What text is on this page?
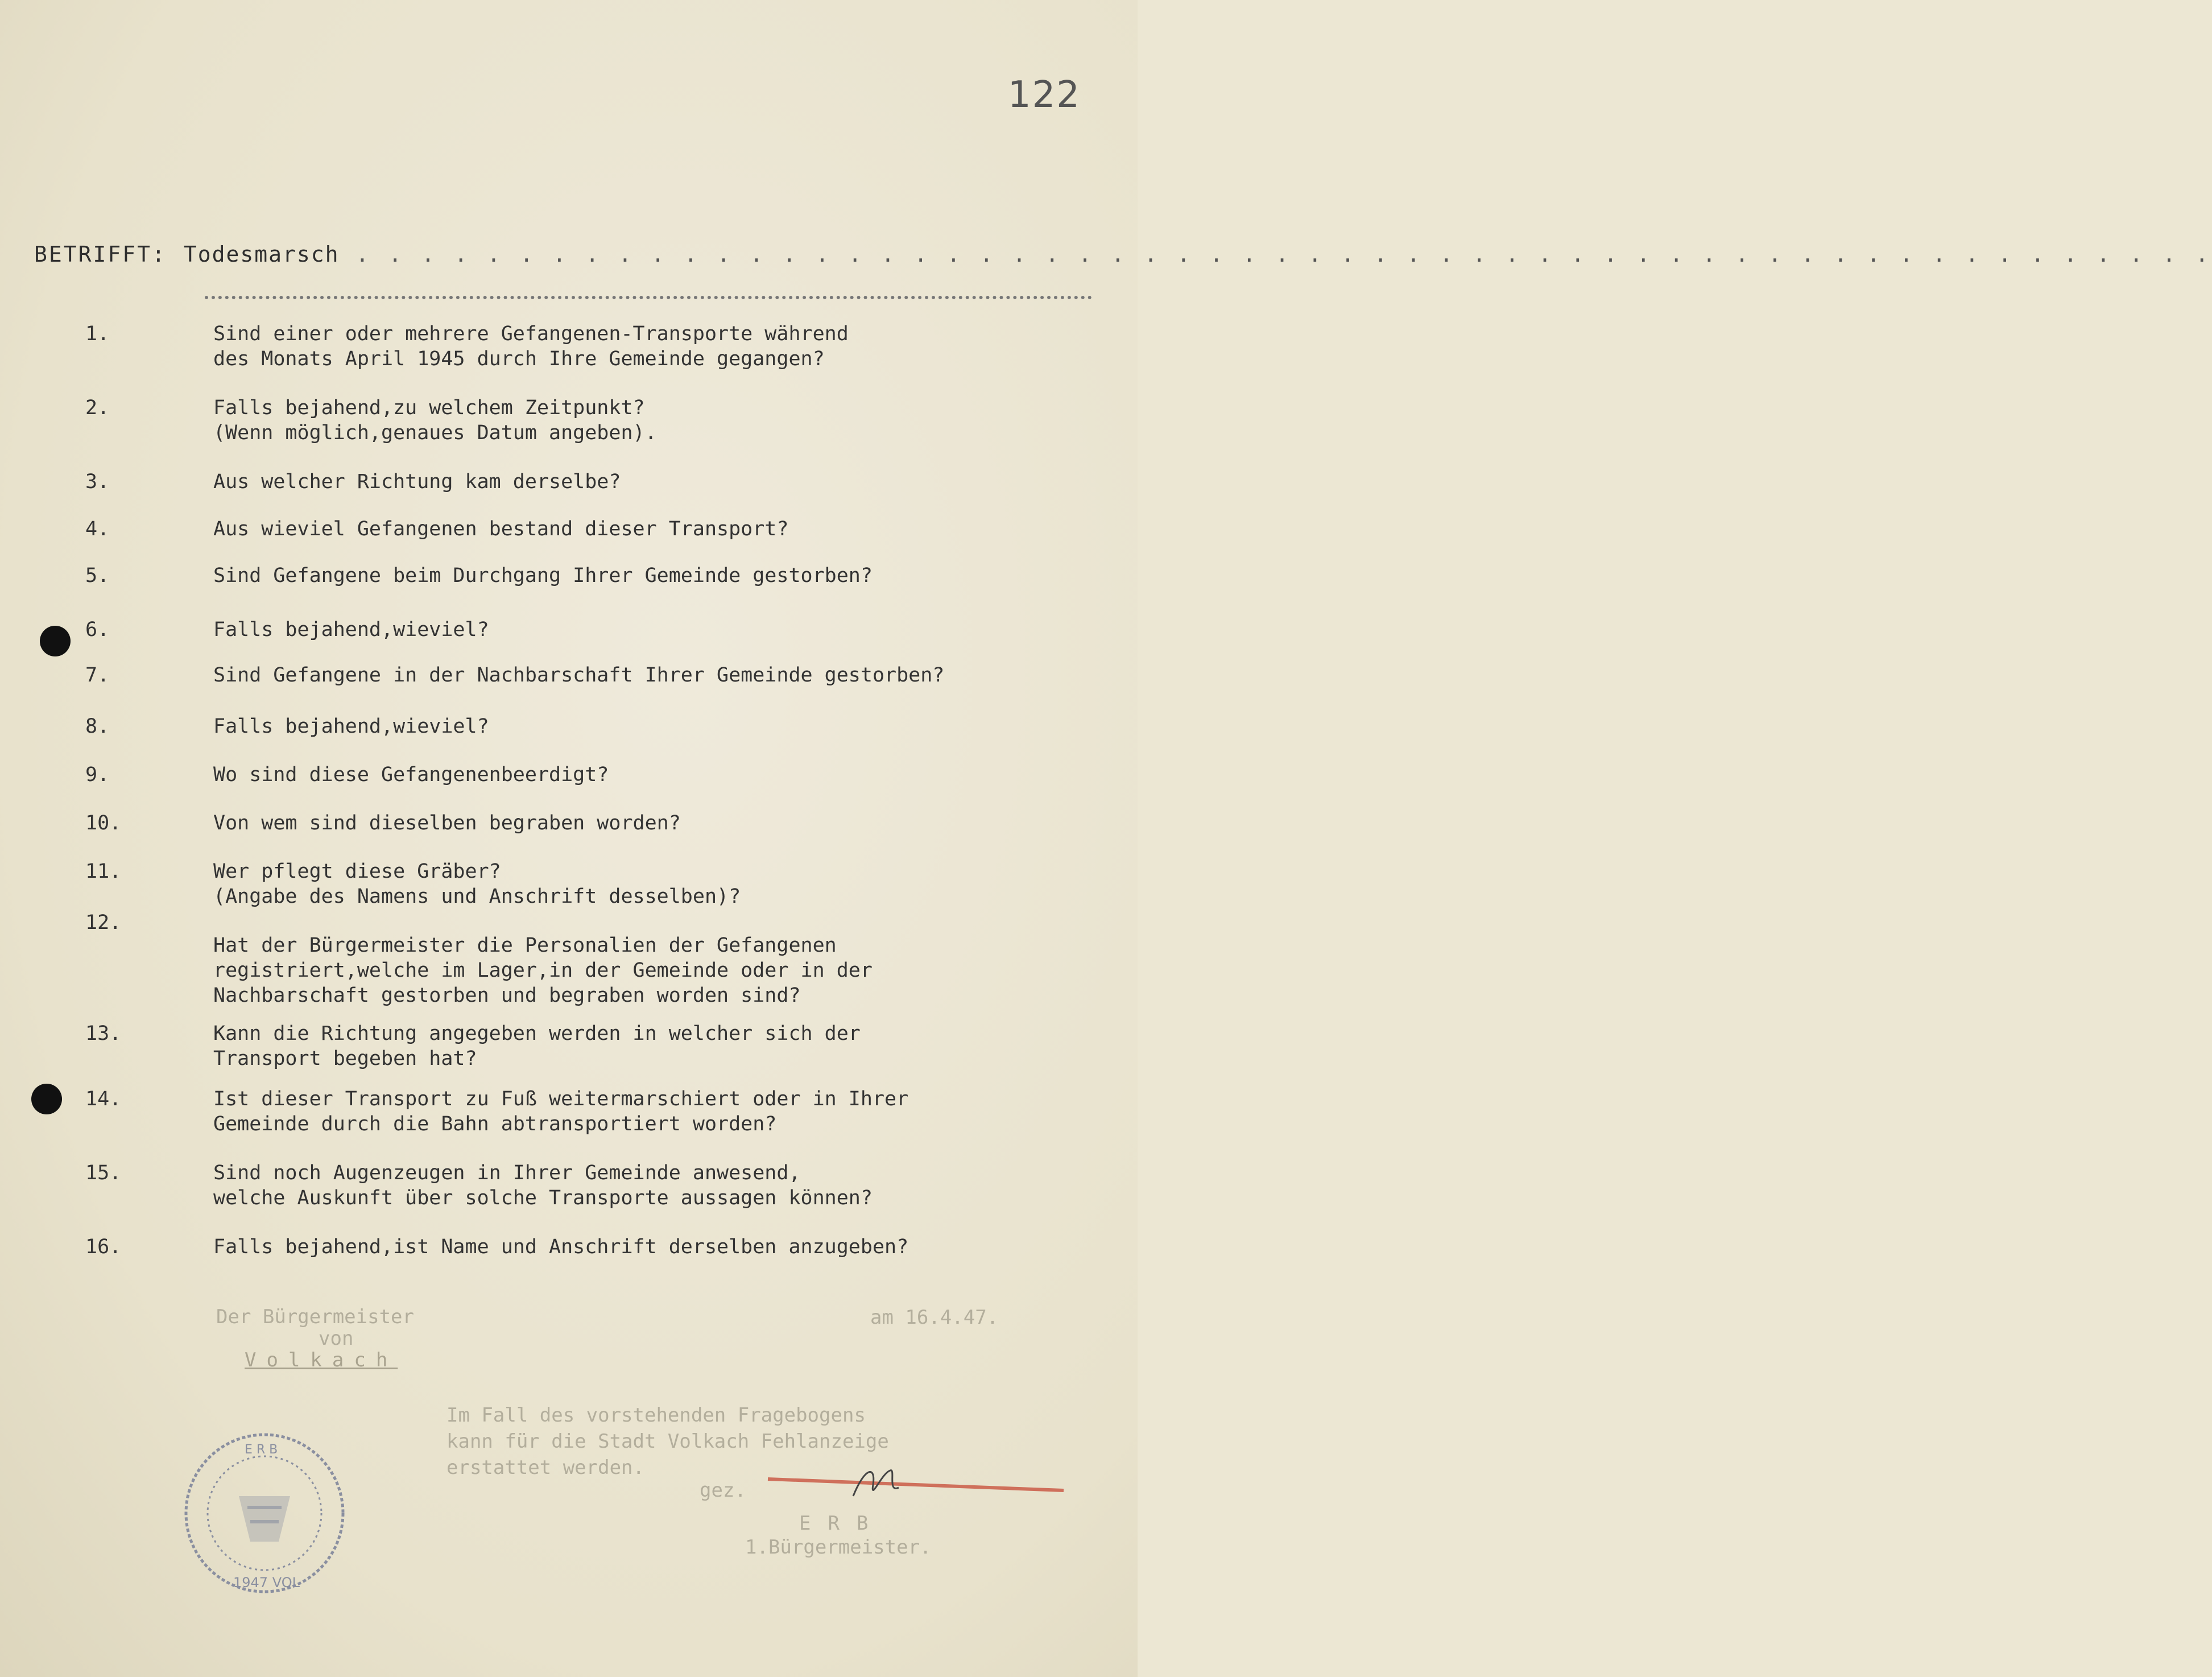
122
BETRIFFT: Todesmarsch . . . . . . . . . . . . . . . . . . . . . . . . . . . . . . . . . . . . . . . . . . . . . . . . . . . . . . . . .
1.	Sind einer oder mehrere Gefangenen-Transporte während
des Monats April 1945 durch Ihre Gemeinde gegangen?
2.	Falls bejahend,zu welchem Zeitpunkt?
(Wenn möglich,genaues Datum angeben).
3.	Aus welcher Richtung kam derselbe?
4.	Aus wieviel Gefangenen bestand dieser Transport?
5.	Sind Gefangene beim Durchgang Ihrer Gemeinde gestorben?
6.	Falls bejahend,wieviel?
7.	Sind Gefangene in der Nachbarschaft Ihrer Gemeinde gestorben?
8.	Falls bejahend,wieviel?
9.	Wo sind diese Gefangenenbeerdigt?
10.	Von wem sind dieselben begraben worden?
11.	Wer pflegt diese Gräber?
(Angabe des Namens und Anschrift desselben)?
12.
Hat der Bürgermeister die Personalien der Gefangenen
registriert,welche im Lager,in der Gemeinde oder in der
Nachbarschaft gestorben und begraben worden sind?
13.	Kann die Richtung angegeben werden in welcher sich der
Transport begeben hat?
14.	Ist dieser Transport zu Fuß weitermarschiert oder in Ihrer
Gemeinde durch die Bahn abtransportiert worden?
15.	Sind noch Augenzeugen in Ihrer Gemeinde anwesend,
welche Auskunft über solche Transporte aussagen können?
16.	Falls bejahend,ist Name und Anschrift derselben anzugeben?
Der Bürgermeister
von
Volkach
am 16.4.47.
Im Fall des vorstehenden Fragebogens
kann für die Stadt Volkach Fehlanzeige
erstattet werden.
gez.
ERB
1.Bürgermeister.
E R B
1947 VOL
